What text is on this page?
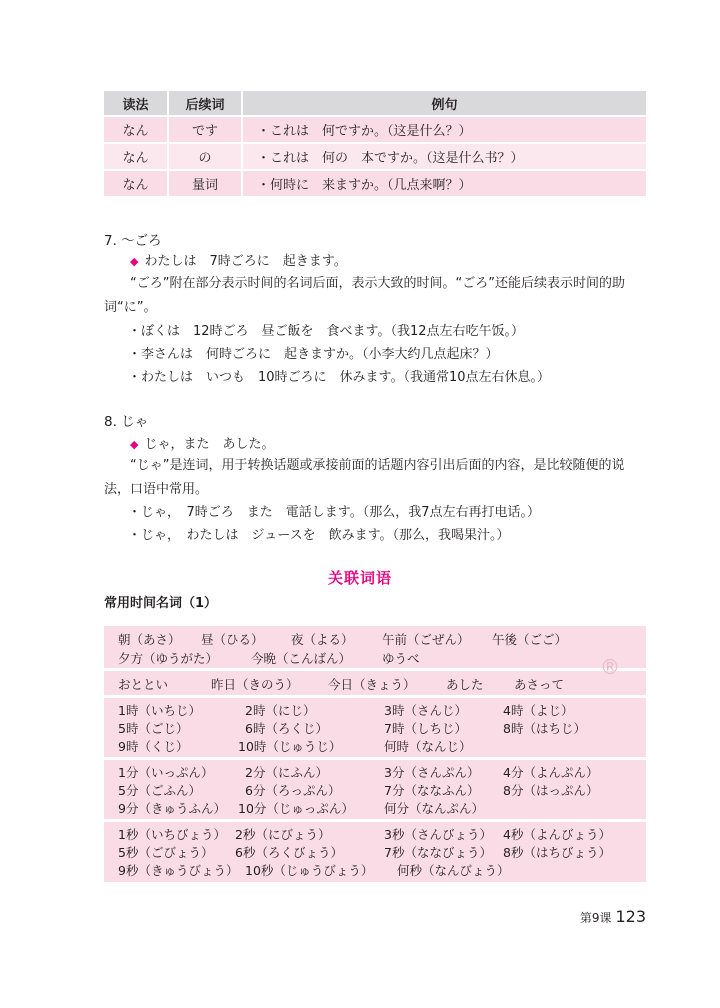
读法	后续词	例句
なん	です	・これは　何ですか。（这是什么？）
なん	の	・これは　何の　本ですか。（这是什么书？）
なん	量词	・何時に　来ますか。（几点来啊？）
7. ～ごろ
◆ わたしは　7時ごろに　起きます。
“ごろ”附在部分表示时间的名词后面，表示大致的时间。“ごろ”还能后续表示时间的助词“に”。
・ぼくは　12時ごろ　昼ご飯を　食べます。（我12点左右吃午饭。）
・李さんは　何時ごろに　起きますか。（小李大约几点起床？）
・わたしは　いつも　10時ごろに　休みます。（我通常10点左右休息。）
8. じゃ
◆ じゃ，また　あした。
“じゃ”是连词，用于转换话题或承接前面的话题内容引出后面的内容，是比较随便的说法，口语中常用。
・じゃ，　7時ごろ　また　電話します。（那么，我7点左右再打电话。）
・じゃ，　わたしは　ジュースを　飲みます。（那么，我喝果汁。）
关联词语
常用时间名词（1）
朝（あさ） 昼（ひる） 夜（よる） 午前（ごぜん） 午後（ごご）
夕方（ゆうがた）	今晩（こんばん） ゆうべ
おととい	昨日（きのう） 今日（きょう） あした あさって
1時（いちじ）	2時（にじ）	3時（さんじ）	4時（よじ）
5時（ごじ）	6時（ろくじ）	7時（しちじ）	8時（はちじ）
9時（くじ）	10時（じゅうじ）	何時（なんじ）
1分（いっぷん）	2分（にふん）	3分（さんぷん） 4分（よんぷん）
5分（ごふん）	6分（ろっぷん）	7分（ななふん） 8分（はっぷん）
9分（きゅうふん） 10分（じゅっぷん） 何分（なんぷん）
1秒（いちびょう） 2秒（にびょう）	3秒（さんびょう） 4秒（よんびょう）
5秒（ごびょう） 6秒（ろくびょう）	7秒（ななびょう） 8秒（はちびょう）
9秒（きゅうびょう） 10秒（じゅうびょう） 何秒（なんびょう）
®
第9课 123
